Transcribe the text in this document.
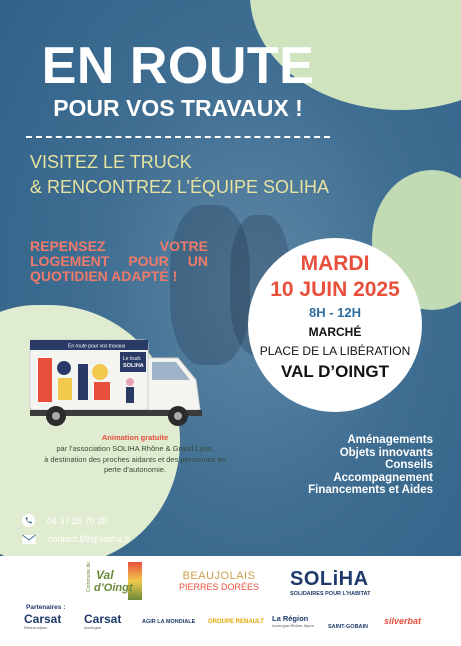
EN ROUTE
POUR VOS TRAVAUX !
VISITEZ LE TRUCK
& RENCONTREZ L’ÉQUIPE SOLIHA
REPENSEZ VOTRE LOGEMENT POUR UN QUOTIDIEN ADAPTÉ !
MARDI
10 JUIN 2025
8H - 12H
MARCHÉ
PLACE DE LA LIBÉRATION
VAL D’OINGT
En route pour vos travaux
Le truck
SOLIHA
Animation gratuite
par l’association SOLIHA Rhône & Grand Lyon,
à destination des proches aidants et des personnes en
perte d’autonomie.
Aménagements
Objets innovants
Conseils
Accompagnement
Financements et Aides
04 37 28 70 20
contact.69@soliha.fr
Commune de Val
d’Oingt
BEAUJOLAIS
PIERRES DORÉES SOLiHA
SOLIDAIRES POUR L’HABITAT
Partenaires :
Carsat
Rhône-Alpes
Carsat
Auvergne
AGIR LA MONDIALE GROUPE RENAULT La Région
Auvergne-Rhône-Alpes	SAINT-GOBAIN
silverbat
